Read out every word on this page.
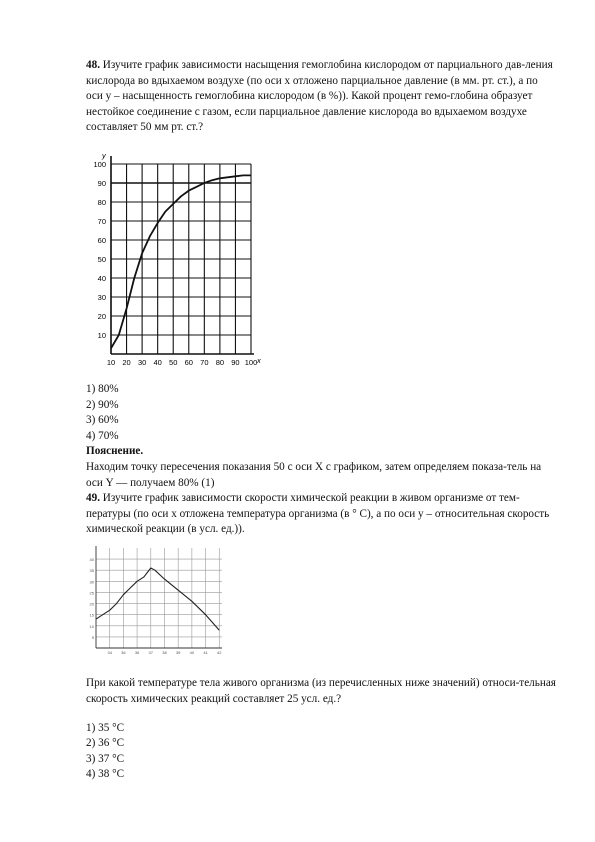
48. Изучите график зависимости насыщения гемоглобина кислородом от парциального дав-ления кислорода во вдыхаемом воздухе (по оси x отложено парциальное давление (в мм. рт. ст.), а по оси y – насыщенность гемоглобина кислородом (в %)). Какой процент гемо-глобина образует нестойкое соединение с газом, если парциальное давление кислорода во вдыхаемом воздухе составляет 50 мм рт. ст.?

10
20
30
40
50
60
70
80
90
100
10 20 30 40 50 60 70 80 90 100
y
x

1) 80%

2) 90%

3) 60%

4) 70%

Пояснение.

Находим точку пересечения показания 50 с оси X с графиком, затем определяем показа-тель на оси Y — получаем 80% (1)

49. Изучите график зависимости скорости химической реакции в живом организме от тем-пературы (по оси x отложена температура организма (в ° С), а по оси y – относительная скорость химической реакции (в усл. ед.)).

5
10
15
20
25
30
35
40
34 36 36 37 38 39 40 41 42

При какой температуре тела живого организма (из перечисленных ниже значений) относи-тельная скорость химических реакций составляет 25 усл. ед.?

1) 35 °C

2) 36 °C

3) 37 °C

4) 38 °C
